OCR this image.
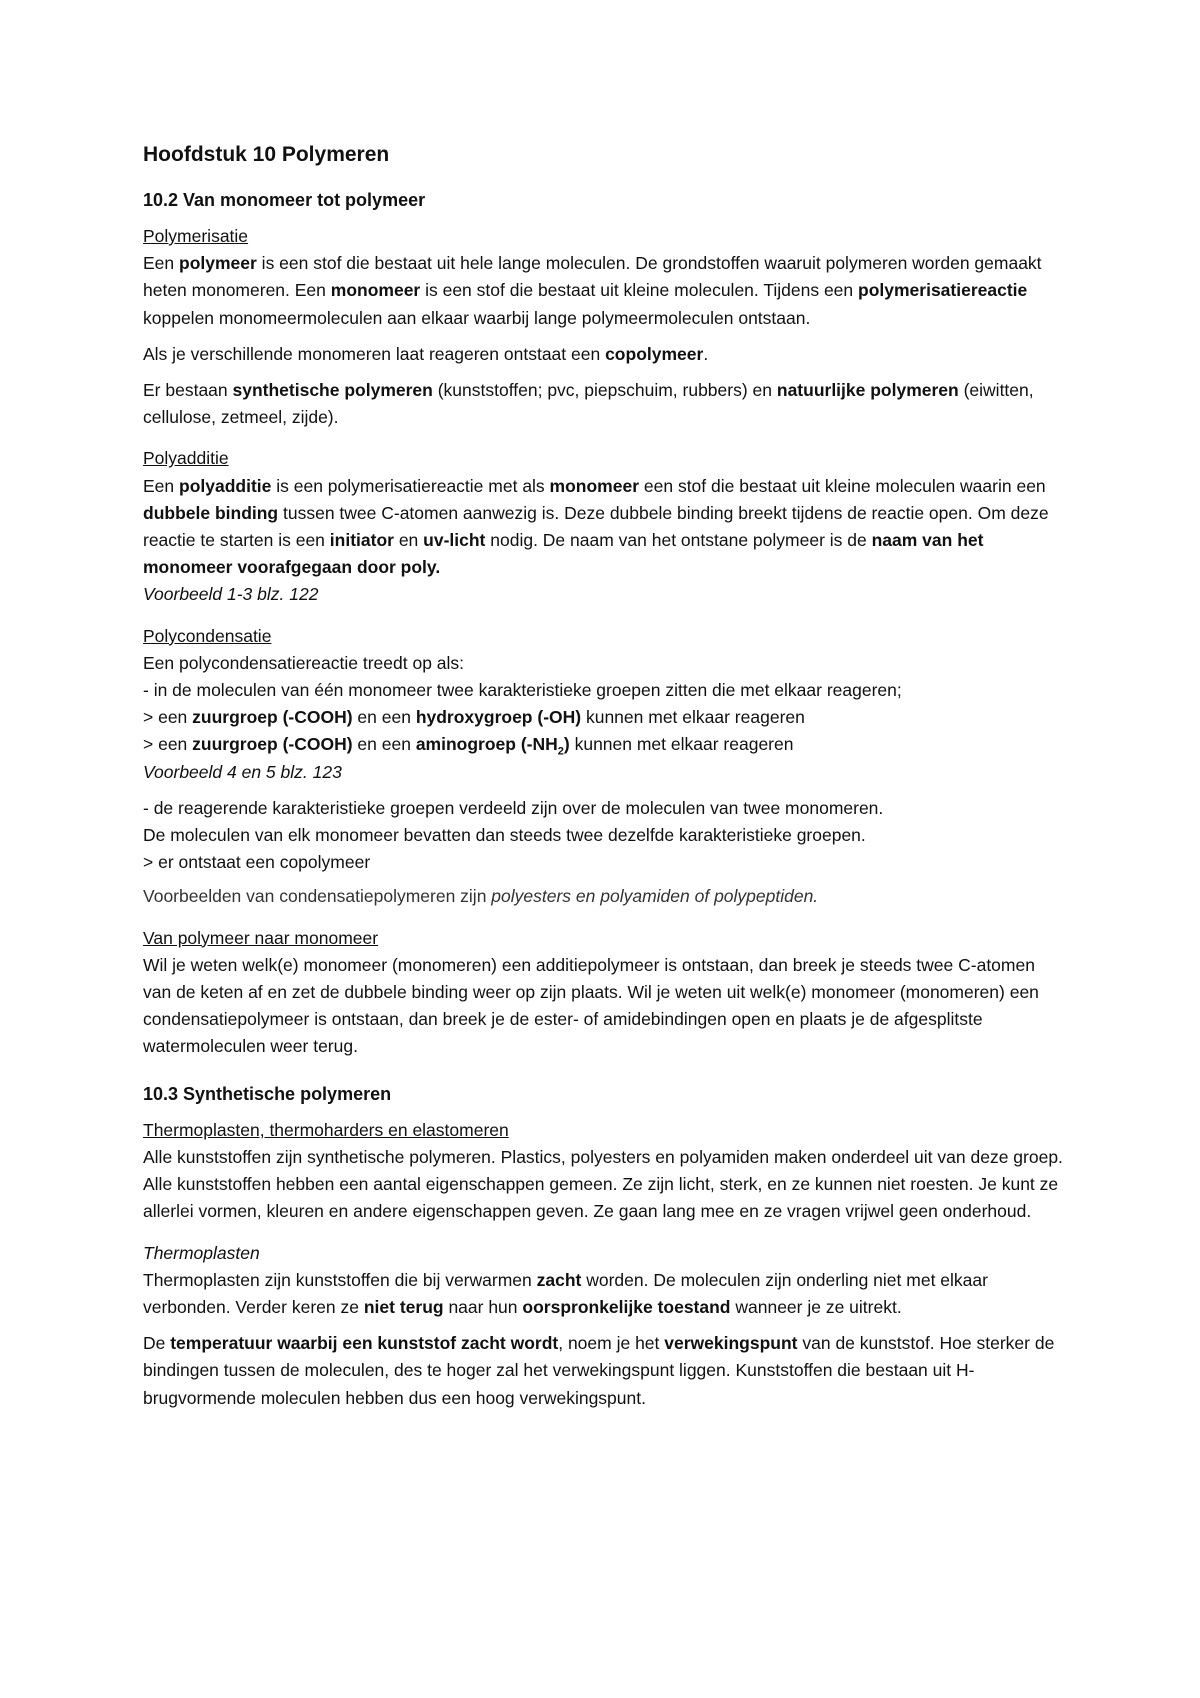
Hoofdstuk 10 Polymeren
10.2 Van monomeer tot polymeer
Polymerisatie

Een polymeer is een stof die bestaat uit hele lange moleculen. De grondstoffen waaruit polymeren worden gemaakt heten monomeren. Een monomeer is een stof die bestaat uit kleine moleculen. Tijdens een polymerisatiereactie koppelen monomeermoleculen aan elkaar waarbij lange polymeermoleculen ontstaan.

Als je verschillende monomeren laat reageren ontstaat een copolymeer.

Er bestaan synthetische polymeren (kunststoffen; pvc, piepschuim, rubbers) en natuurlijke polymeren (eiwitten, cellulose, zetmeel, zijde).

Polyadditie

Een polyadditie is een polymerisatiereactie met als monomeer een stof die bestaat uit kleine moleculen waarin een dubbele binding tussen twee C-atomen aanwezig is. Deze dubbele binding breekt tijdens de reactie open. Om deze reactie te starten is een initiator en uv-licht nodig. De naam van het ontstane polymeer is de naam van het monomeer voorafgegaan door poly.

Voorbeeld 1-3 blz. 122

Polycondensatie
Een polycondensatiereactie treedt op als:
- in de moleculen van één monomeer twee karakteristieke groepen zitten die met elkaar reageren;
> een zuurgroep (-COOH) en een hydroxygroep (-OH) kunnen met elkaar reageren
> een zuurgroep (-COOH) en een aminogroep $(-NH_2)$ kunnen met elkaar reageren
Voorbeeld 4 en 5 blz. 123
- de reagerende karakteristieke groepen verdeeld zijn over de moleculen van twee monomeren.
De moleculen van elk monomeer bevatten dan steeds twee dezelfde karakteristieke groepen.
> er ontstaat een copolymeer

Voorbeelden van condensatiepolymeren zijn polyesters en polyamiden of polypeptiden.

Van polymeer naar monomeer

Wil je weten welk(e) monomeer (monomeren) een additiepolymeer is ontstaan, dan breek je steeds twee C-atomen van de keten af en zet de dubbele binding weer op zijn plaats. Wil je weten uit welk(e) monomeer (monomeren) een condensatiepolymeer is ontstaan, dan breek je de ester- of amidebindingen open en plaats je de afgesplitste watermoleculen weer terug.

10.3 Synthetische polymeren
Thermoplasten, thermoharders en elastomeren

Alle kunststoffen zijn synthetische polymeren. Plastics, polyesters en polyamiden maken onderdeel uit van deze groep. Alle kunststoffen hebben een aantal eigenschappen gemeen. Ze zijn licht, sterk, en ze kunnen niet roesten. Je kunt ze allerlei vormen, kleuren en andere eigenschappen geven. Ze gaan lang mee en ze vragen vrijwel geen onderhoud.

Thermoplasten

Thermoplasten zijn kunststoffen die bij verwarmen zacht worden. De moleculen zijn onderling niet met elkaar verbonden. Verder keren ze niet terug naar hun oorspronkelijke toestand wanneer je ze uitrekt.

De temperatuur waarbij een kunststof zacht wordt, noem je het verwekingspunt van de kunststof. Hoe sterker de bindingen tussen de moleculen, des te hoger zal het verwekingspunt liggen. Kunststoffen die bestaan uit H-brugvormende moleculen hebben dus een hoog verwekingspunt.
